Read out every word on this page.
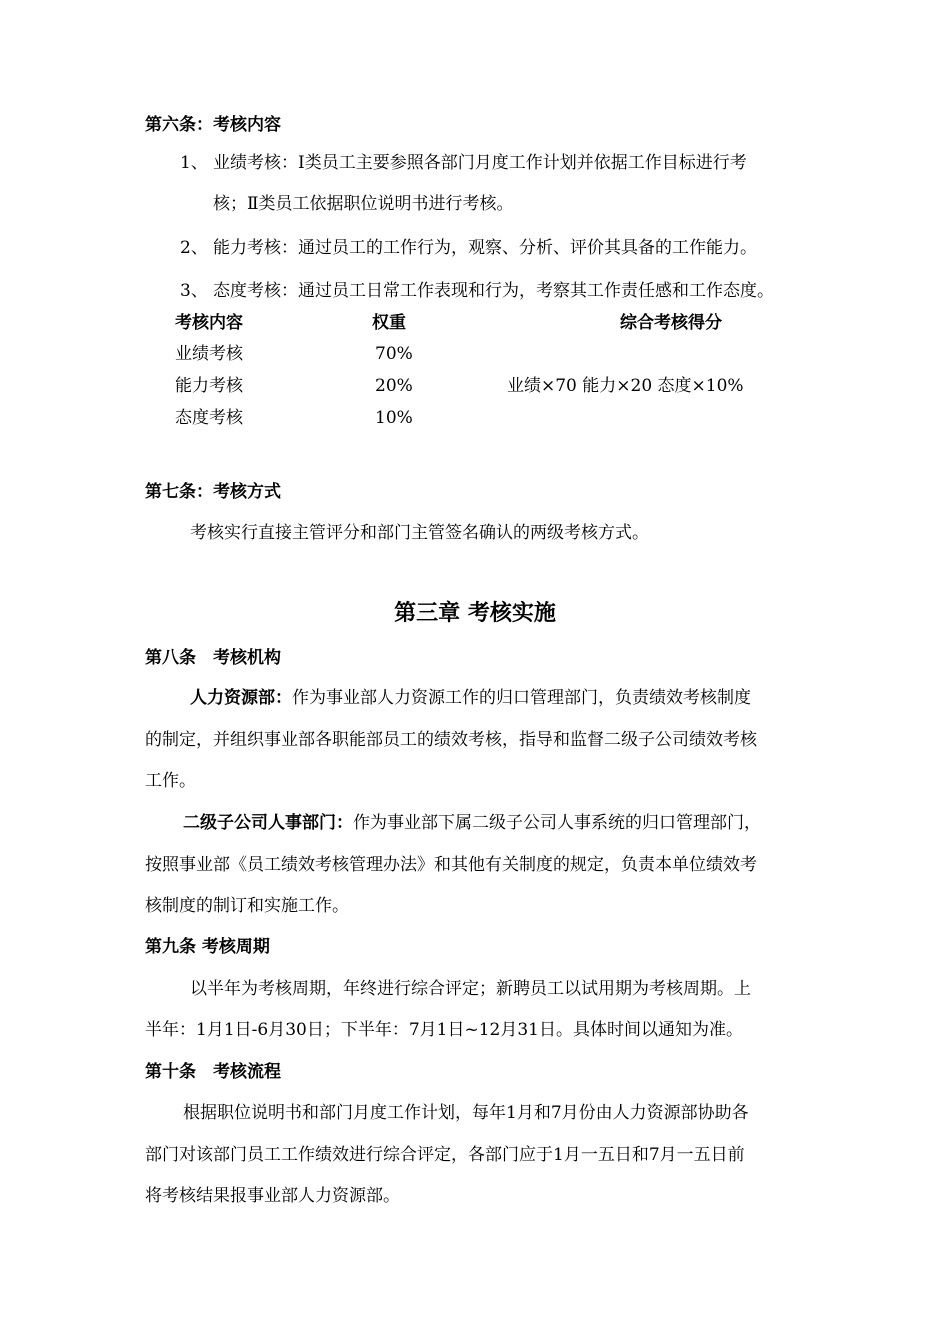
第六条：考核内容
1、 业绩考核：Ⅰ类员工主要参照各部门月度工作计划并依据工作目标进行考
核；Ⅱ类员工依据职位说明书进行考核。
2、 能力考核：通过员工的工作行为，观察、分析、评价其具备的工作能力。
3、 态度考核：通过员工日常工作表现和行为，考察其工作责任感和工作态度。
考核内容	权重	综合考核得分
业绩考核	70%
能力考核	20%	业绩×70 能力×20 态度×10%
态度考核	10%
第七条：考核方式
考核实行直接主管评分和部门主管签名确认的两级考核方式。
第三章 考核实施
第八条　考核机构
人力资源部：作为事业部人力资源工作的归口管理部门，负责绩效考核制度
的制定，并组织事业部各职能部员工的绩效考核，指导和监督二级子公司绩效考核
工作。
二级子公司人事部门：作为事业部下属二级子公司人事系统的归口管理部门，
按照事业部《员工绩效考核管理办法》和其他有关制度的规定，负责本单位绩效考
核制度的制订和实施工作。
第九条 考核周期
以半年为考核周期，年终进行综合评定；新聘员工以试用期为考核周期。上
半年：1月1日-6月30日；下半年：7月1日~12月31日。具体时间以通知为准。
第十条　考核流程
根据职位说明书和部门月度工作计划，每年1月和7月份由人力资源部协助各
部门对该部门员工工作绩效进行综合评定，各部门应于1月一五日和7月一五日前
将考核结果报事业部人力资源部。
